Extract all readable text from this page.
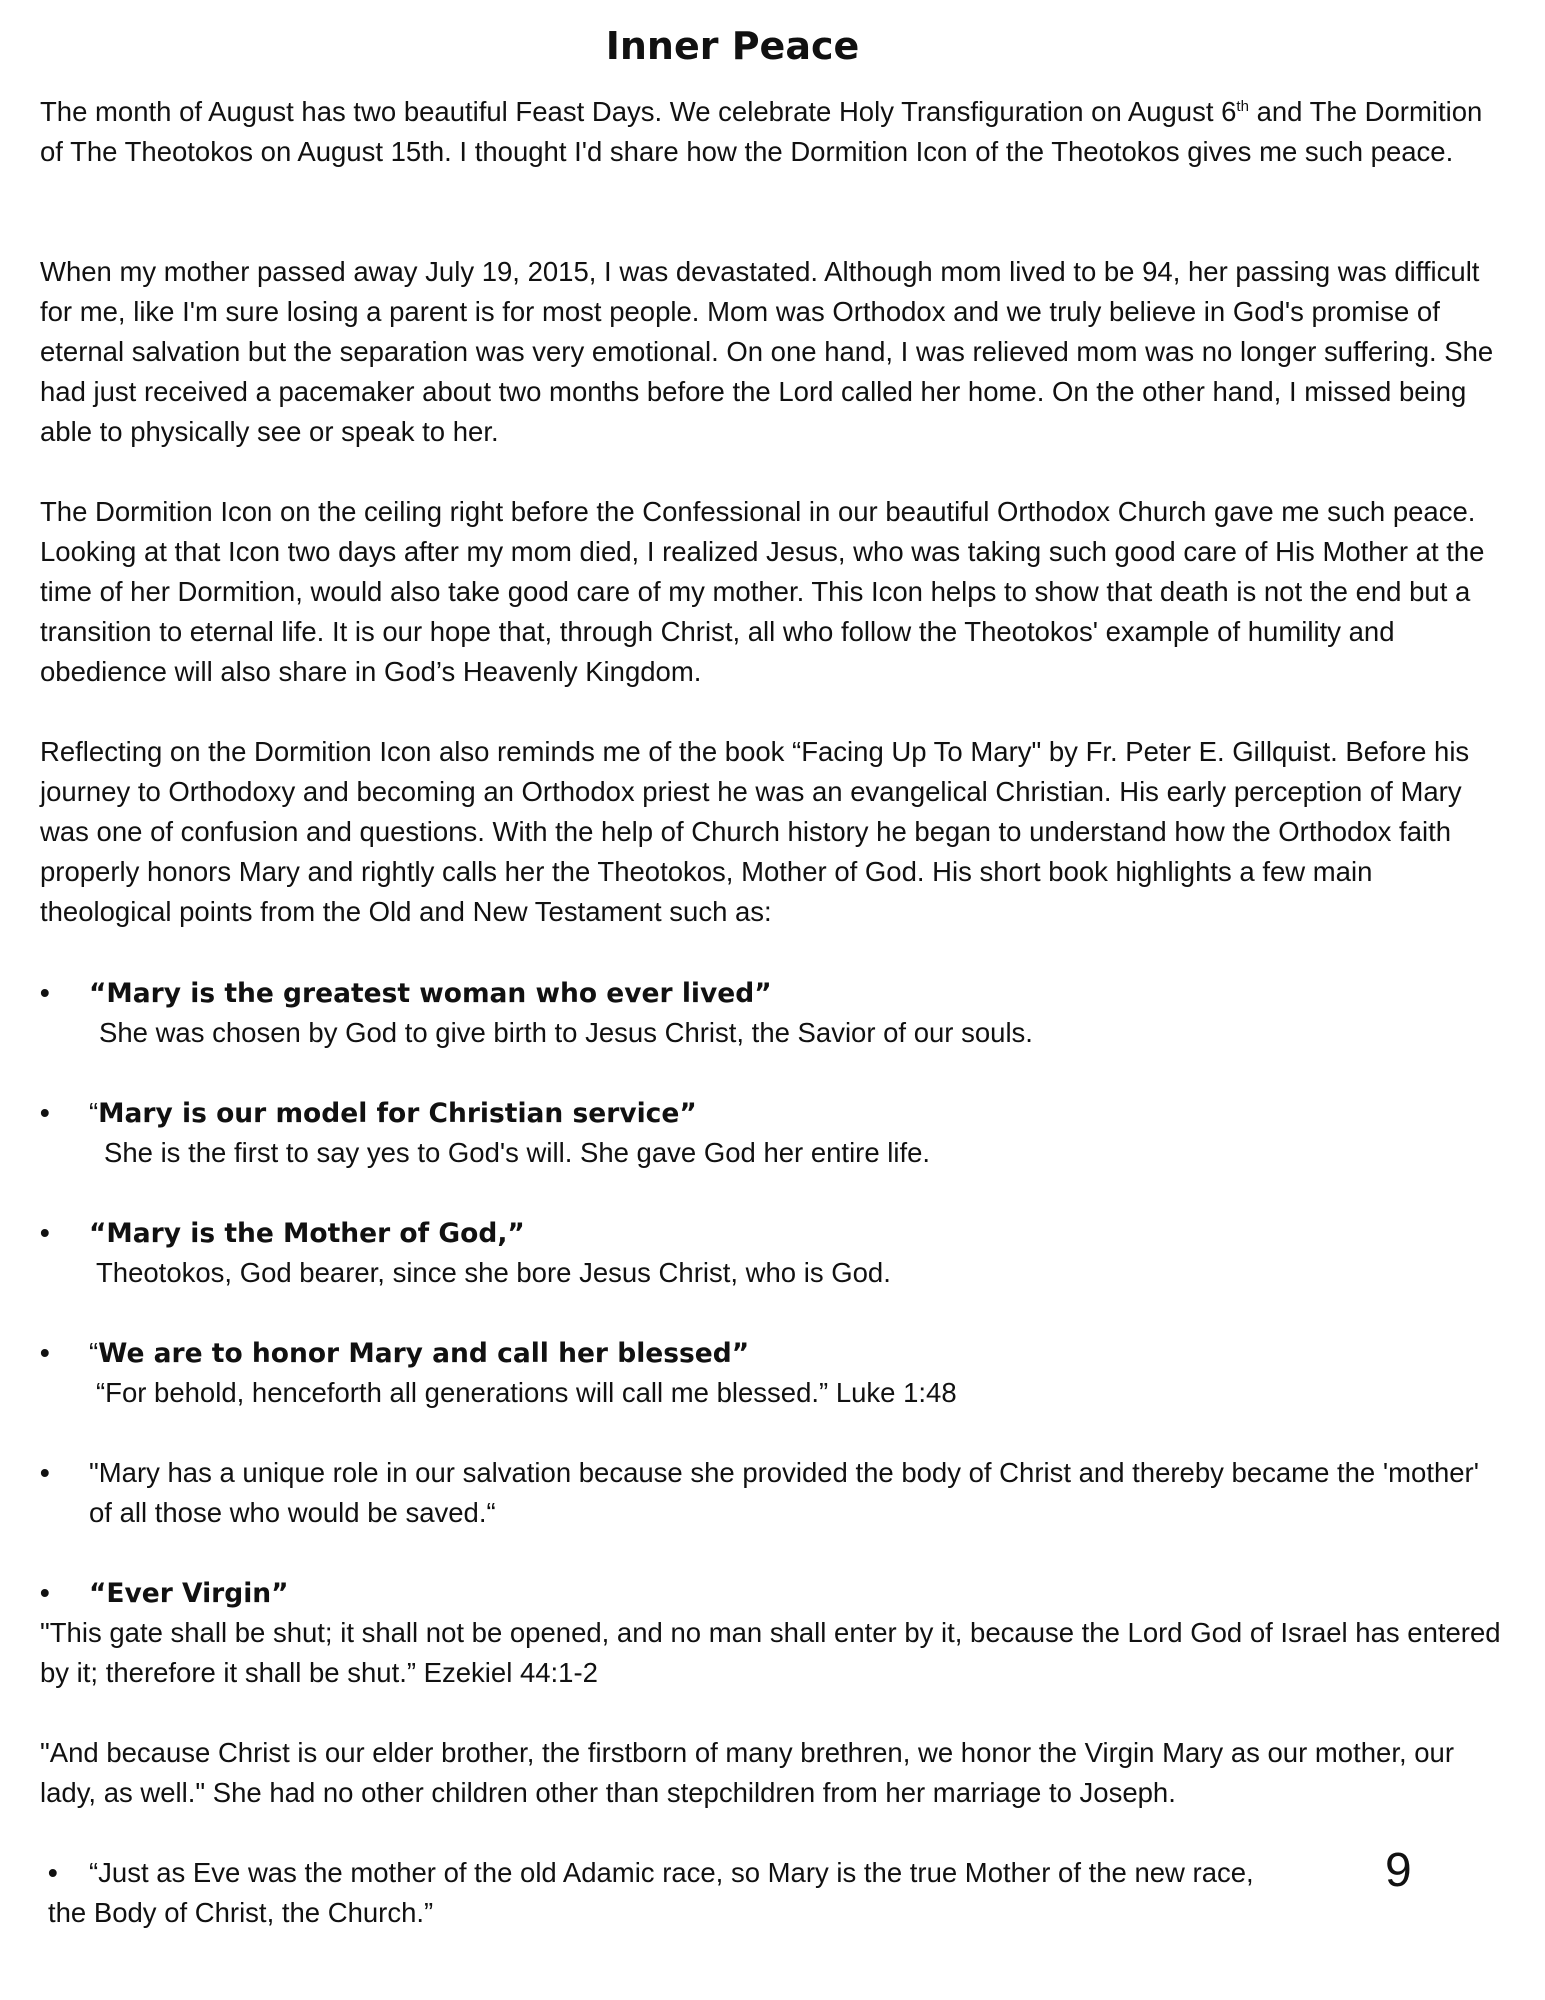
Inner Peace

The month of August has two beautiful Feast Days. We celebrate Holy Transfiguration on August 6th and The Dormition of The Theotokos on August 15th. I thought I'd share how the Dormition Icon of the Theotokos gives me such peace.

When my mother passed away July 19, 2015, I was devastated. Although mom lived to be 94, her passing was difficult for me, like I'm sure losing a parent is for most people. Mom was Orthodox and we truly believe in God's promise of eternal salvation but the separation was very emotional. On one hand, I was relieved mom was no longer suffering. She had just received a pacemaker about two months before the Lord called her home. On the other hand, I missed being able to physically see or speak to her.

The Dormition Icon on the ceiling right before the Confessional in our beautiful Orthodox Church gave me such peace. Looking at that Icon two days after my mom died, I realized Jesus, who was taking such good care of His Mother at the time of her Dormition, would also take good care of my mother. This Icon helps to show that death is not the end but a transition to eternal life. It is our hope that, through Christ, all who follow the Theotokos' example of humility and obedience will also share in God’s Heavenly Kingdom.

Reflecting on the Dormition Icon also reminds me of the book “Facing Up To Mary" by Fr. Peter E. Gillquist. Before his journey to Orthodoxy and becoming an Orthodox priest he was an evangelical Christian. His early perception of Mary was one of confusion and questions. With the help of Church history he began to understand how the Orthodox faith properly honors Mary and rightly calls her the Theotokos, Mother of God. His short book highlights a few main theological points from the Old and New Testament such as:

• “Mary is the greatest woman who ever lived”
She was chosen by God to give birth to Jesus Christ, the Savior of our souls.
• “Mary is our model for Christian service”
She is the first to say yes to God's will. She gave God her entire life.
• “Mary is the Mother of God,”
Theotokos, God bearer, since she bore Jesus Christ, who is God.
• “We are to honor Mary and call her blessed”
“For behold, henceforth all generations will call me blessed.” Luke 1:48
• "Mary has a unique role in our salvation because she provided the body of Christ and thereby became the 'mother' of all those who would be saved.“
• “Ever Virgin”

"This gate shall be shut; it shall not be opened, and no man shall enter by it, because the Lord God of Israel has entered by it; therefore it shall be shut.” Ezekiel 44:1-2

"And because Christ is our elder brother, the firstborn of many brethren, we honor the Virgin Mary as our mother, our lady, as well." She had no other children other than stepchildren from her marriage to Joseph.

• “Just as Eve was the mother of the old Adamic race, so Mary is the true Mother of the new race,
the Body of Christ, the Church.”
9
